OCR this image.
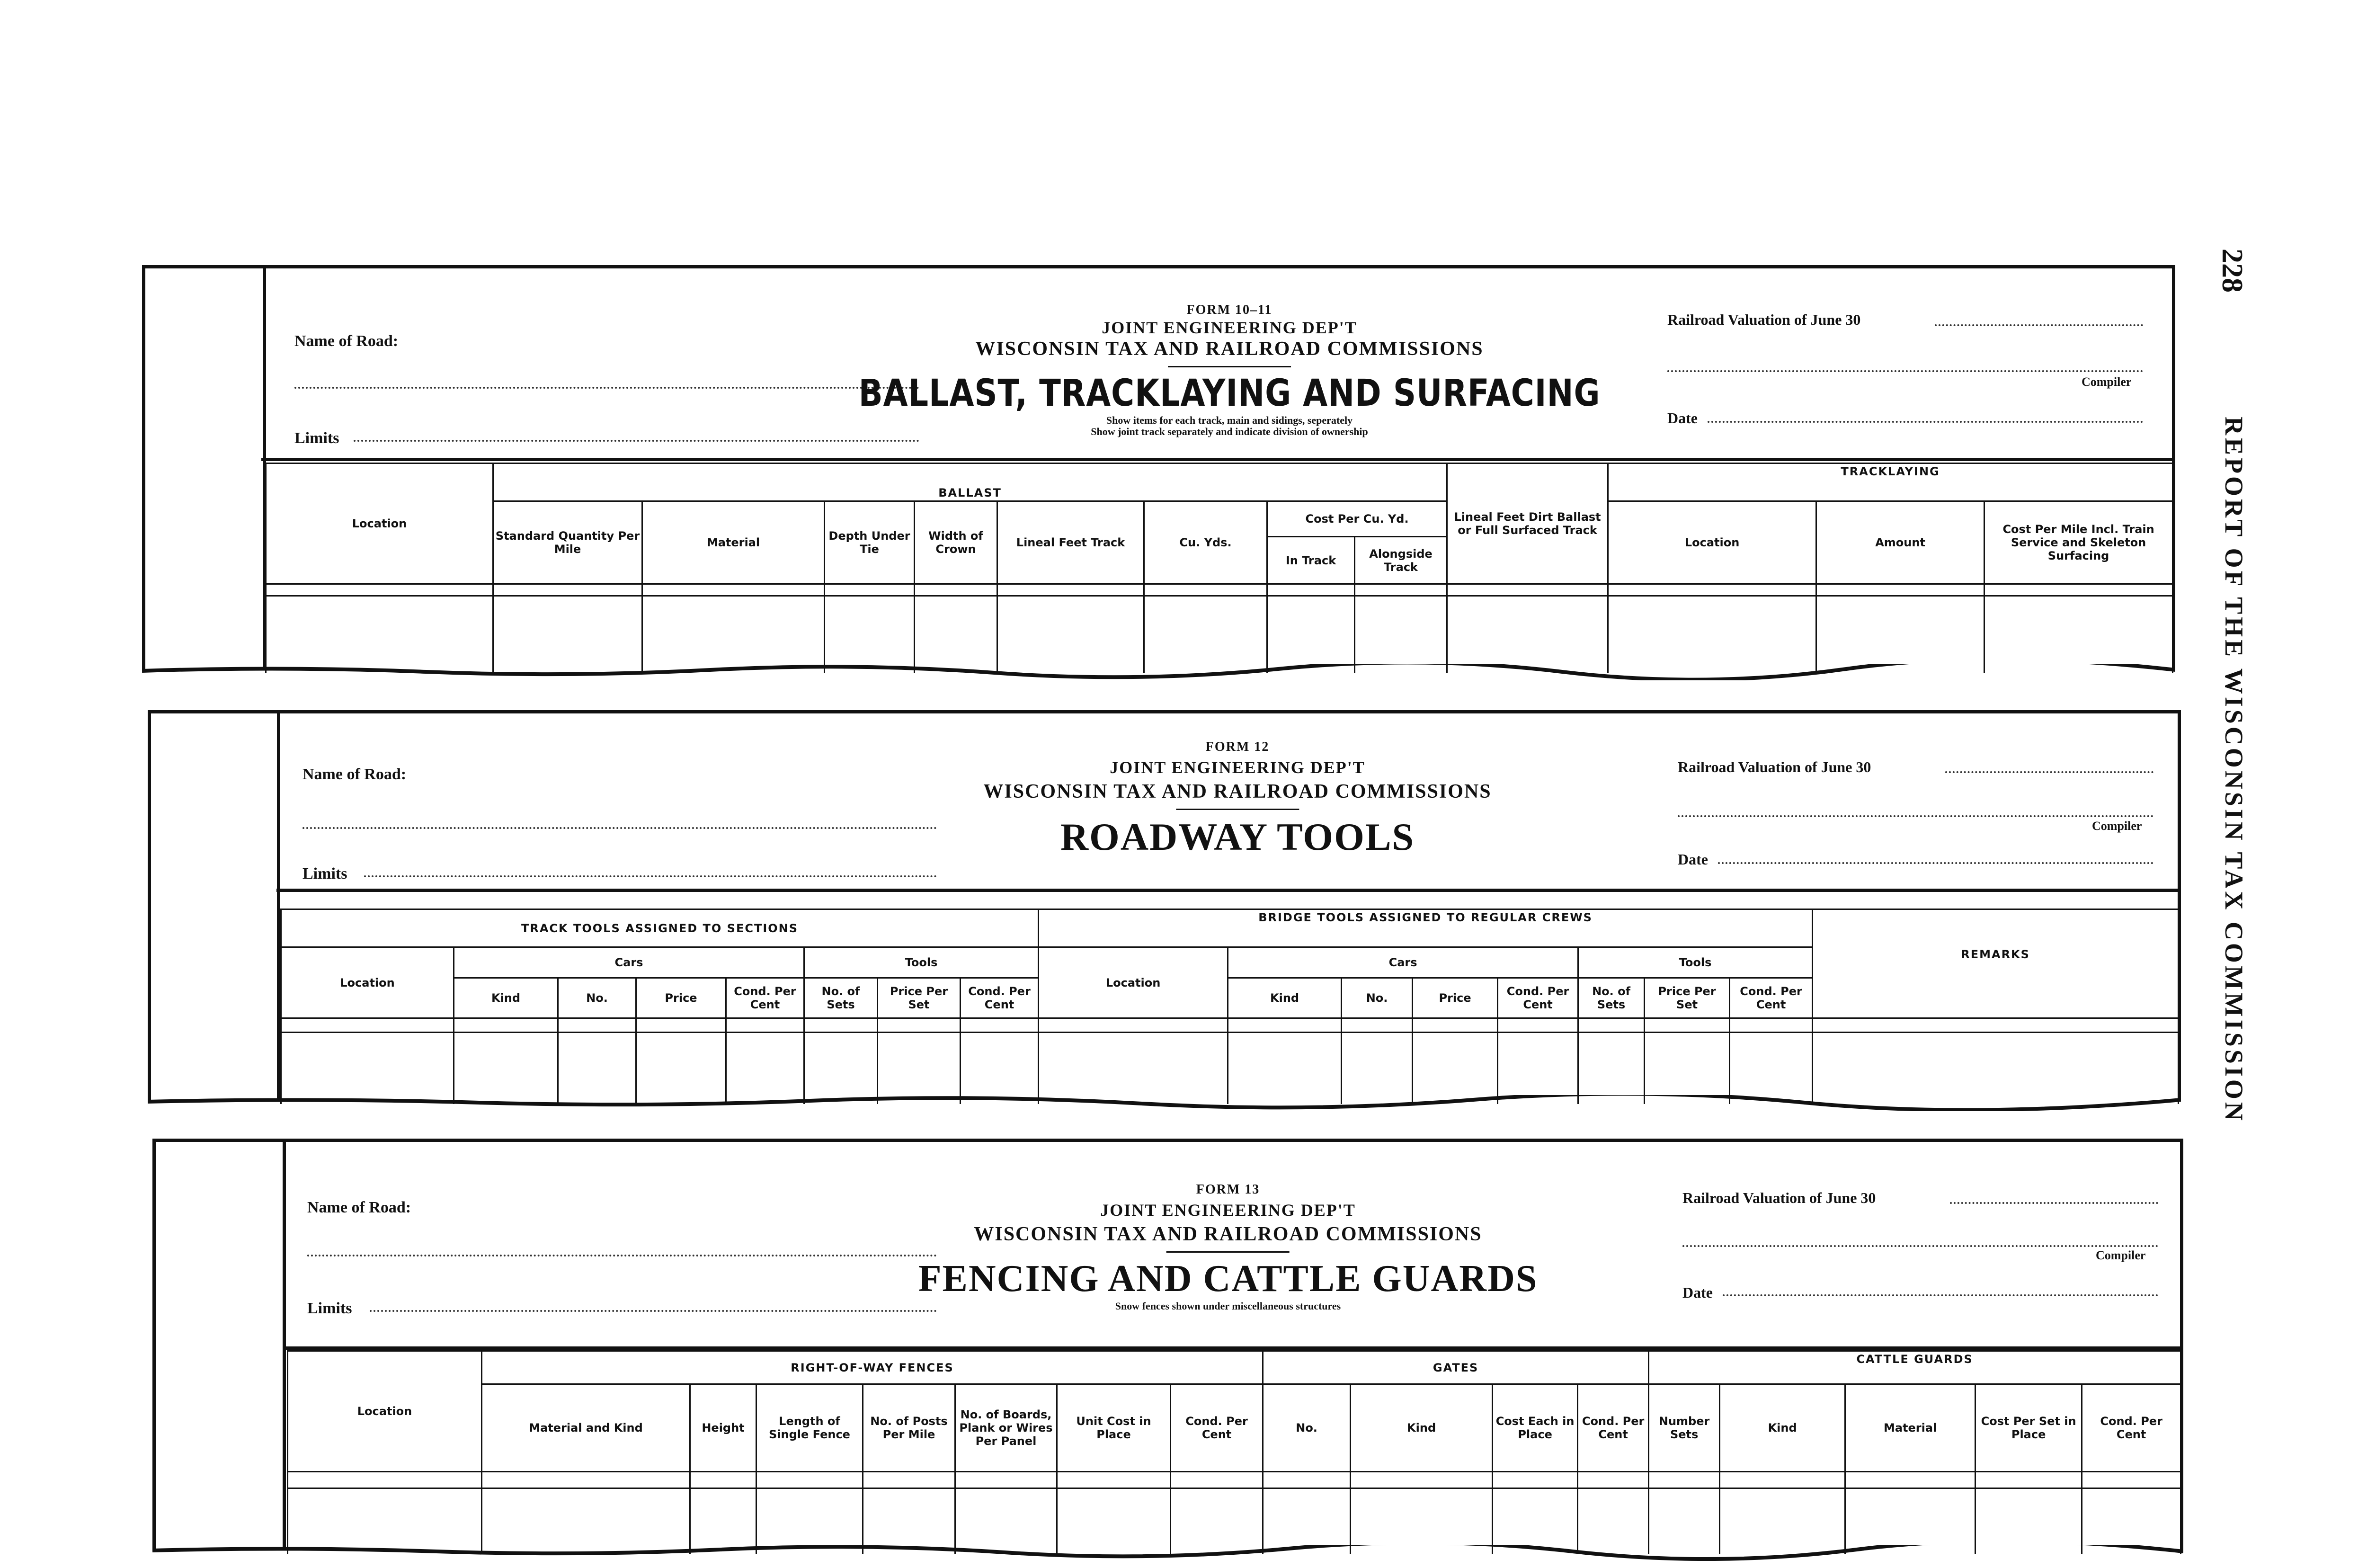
228
REPORT OF THE WISCONSIN TAX COMMISSION
Name of Road:
Limits
FORM 10–11
JOINT ENGINEERING DEP'T
WISCONSIN TAX AND RAILROAD COMMISSIONS
BALLAST, TRACKLAYING AND SURFACING
Show items for each track, main and sidings, seperately
Show joint track separately and indicate division of ownership
Railroad Valuation of June 30
Compiler
Date
Location	BALLAST								Lineal Feet Dirt Ballast or Full Surfaced Track	TRACKLAYING		
	Standard Quantity Per Mile	Material	Depth Under Tie	Width of Crown	Lineal Feet Track	Cu. Yds.	Cost Per Cu. Yd.			Location	Amount	Cost Per Mile Incl. Train Service and Skeleton Surfacing
							In Track	Alongside Track				

Name of Road:
Limits
FORM 12
JOINT ENGINEERING DEP'T
WISCONSIN TAX AND RAILROAD COMMISSIONS
ROADWAY TOOLS
Railroad Valuation of June 30
Compiler
Date
TRACK TOOLS ASSIGNED TO SECTIONS								BRIDGE TOOLS ASSIGNED TO REGULAR CREWS								REMARKS
Location	Cars				Tools			Location	Cars				Tools			
	Kind	No.	Price	Cond. Per Cent	No. of Sets	Price Per Set	Cond. Per Cent		Kind	No.	Price	Cond. Per Cent	No. of Sets	Price Per Set	Cond. Per Cent	

Name of Road:
Limits
FORM 13
JOINT ENGINEERING DEP'T
WISCONSIN TAX AND RAILROAD COMMISSIONS
FENCING AND CATTLE GUARDS
Snow fences shown under miscellaneous structures
Railroad Valuation of June 30
Compiler
Date
Location	RIGHT-OF-WAY FENCES							GATES				CATTLE GUARDS				
	Material and Kind	Height	Length of Single Fence	No. of Posts Per Mile	No. of Boards, Plank or Wires Per Panel	Unit Cost in Place	Cond. Per Cent	No.	Kind	Cost Each in Place	Cond. Per Cent	Number Sets	Kind	Material	Cost Per Set in Place	Cond. Per Cent
